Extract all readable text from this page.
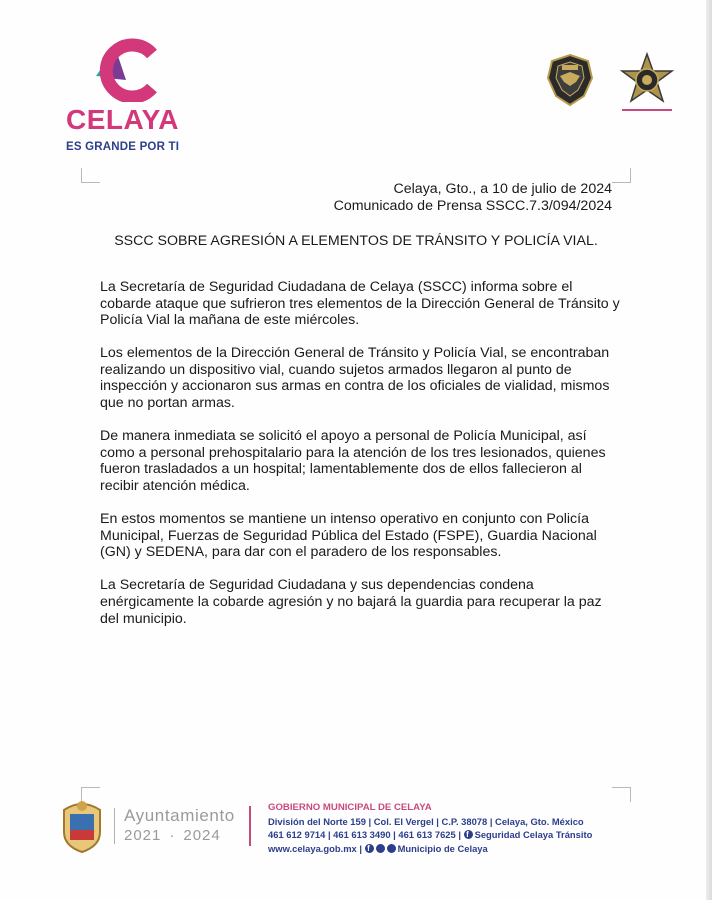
CELAYA
ES GRANDE POR TI
Celaya, Gto., a 10 de julio de 2024
Comunicado de Prensa SSCC.7.3/094/2024
SSCC SOBRE AGRESIÓN A ELEMENTOS DE TRÁNSITO Y POLICÍA VIAL.

La Secretaría de Seguridad Ciudadana de Celaya (SSCC) informa sobre el cobarde ataque que sufrieron tres elementos de la Dirección General de Tránsito y Policía Vial la mañana de este miércoles.

Los elementos de la Dirección General de Tránsito y Policía Vial, se encontraban realizando un dispositivo vial, cuando sujetos armados llegaron al punto de inspección y accionaron sus armas en contra de los oficiales de vialidad, mismos que no portan armas.

De manera inmediata se solicitó el apoyo a personal de Policía Municipal, así como a personal prehospitalario para la atención de los tres lesionados, quienes fueron trasladados a un hospital; lamentablemente dos de ellos fallecieron al recibir atención médica.

En estos momentos se mantiene un intenso operativo en conjunto con Policía Municipal, Fuerzas de Seguridad Pública del Estado (FSPE), Guardia Nacional (GN) y SEDENA, para dar con el paradero de los responsables.

La Secretaría de Seguridad Ciudadana y sus dependencias condena enérgicamente la cobarde agresión y no bajará la guardia para recuperar la paz del municipio.

Ayuntamiento
2021 · 2024
GOBIERNO MUNICIPAL DE CELAYA
División del Norte 159 | Col. El Vergel | C.P. 38078 | Celaya, Gto. México
461 612 9714 | 461 613 3490 | 461 613 7625 | f Seguridad Celaya Tránsito
www.celaya.gob.mx | f	Municipio de Celaya
